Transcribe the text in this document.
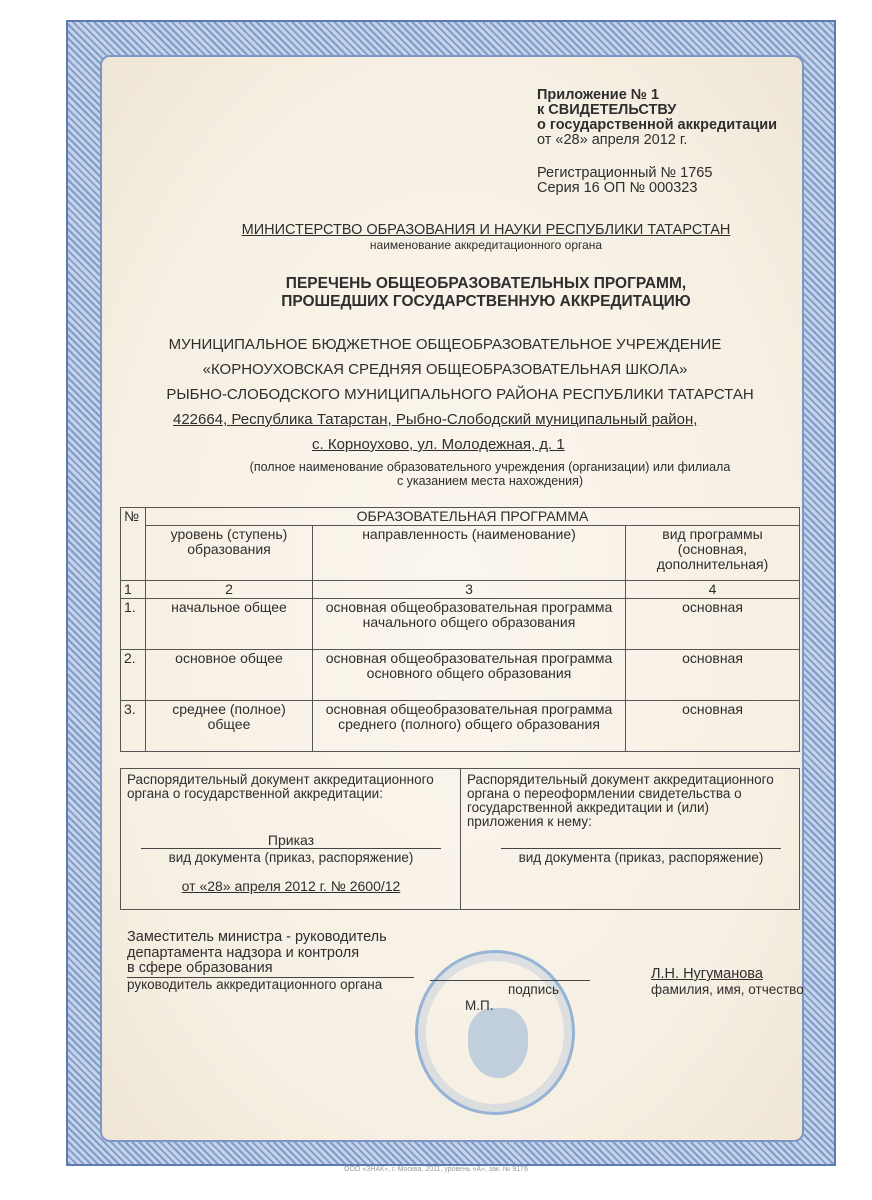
Приложение № 1
к СВИДЕТЕЛЬСТВУ
о государственной аккредитации
от «28» апреля 2012 г.
Регистрационный № 1765
Серия 16 ОП № 000323
МИНИСТЕРСТВО ОБРАЗОВАНИЯ И НАУКИ РЕСПУБЛИКИ ТАТАРСТАН
наименование аккредитационного органа
ПЕРЕЧЕНЬ ОБЩЕОБРАЗОВАТЕЛЬНЫХ ПРОГРАММ,
ПРОШЕДШИХ ГОСУДАРСТВЕННУЮ АККРЕДИТАЦИЮ
МУНИЦИПАЛЬНОЕ БЮДЖЕТНОЕ ОБЩЕОБРАЗОВАТЕЛЬНОЕ УЧРЕЖДЕНИЕ
«КОРНОУХОВСКАЯ СРЕДНЯЯ ОБЩЕОБРАЗОВАТЕЛЬНАЯ ШКОЛА»
РЫБНО-СЛОБОДСКОГО МУНИЦИПАЛЬНОГО РАЙОНА РЕСПУБЛИКИ ТАТАРСТАН
422664, Республика Татарстан, Рыбно-Слободский муниципальный район,
с. Корноухово, ул. Молодежная, д. 1
(полное наименование образовательного учреждения (организации) или филиала
с указанием места нахождения)
№	ОБРАЗОВАТЕЛЬНАЯ ПРОГРАММА		
	уровень (ступень) образования	направленность (наименование)	вид программы (основная, дополнительная)
1	2	3	4
1.	начальное общее	основная общеобразовательная программа начального общего образования	основная
2.	основное общее	основная общеобразовательная программа основного общего образования	основная
3.	среднее (полное) общее	основная общеобразовательная программа среднего (полного) общего образования	основная
Распорядительный документ аккредитационного органа о государственной аккредитации:
Приказ
вид документа (приказ, распоряжение)
от «28» апреля 2012 г. № 2600/12
Распорядительный документ аккредитационного органа о переоформлении свидетельства о государственной аккредитации и (или) приложения к нему:
вид документа (приказ, распоряжение)
Заместитель министра - руководитель
департамента надзора и контроля
в сфере образования
руководитель аккредитационного органа	подпись
М.П.
Л.Н. Нугуманова
фамилия, имя, отчество
ООО «ЗНАК», г. Москва, 2011, уровень «А», зак. № 9176
